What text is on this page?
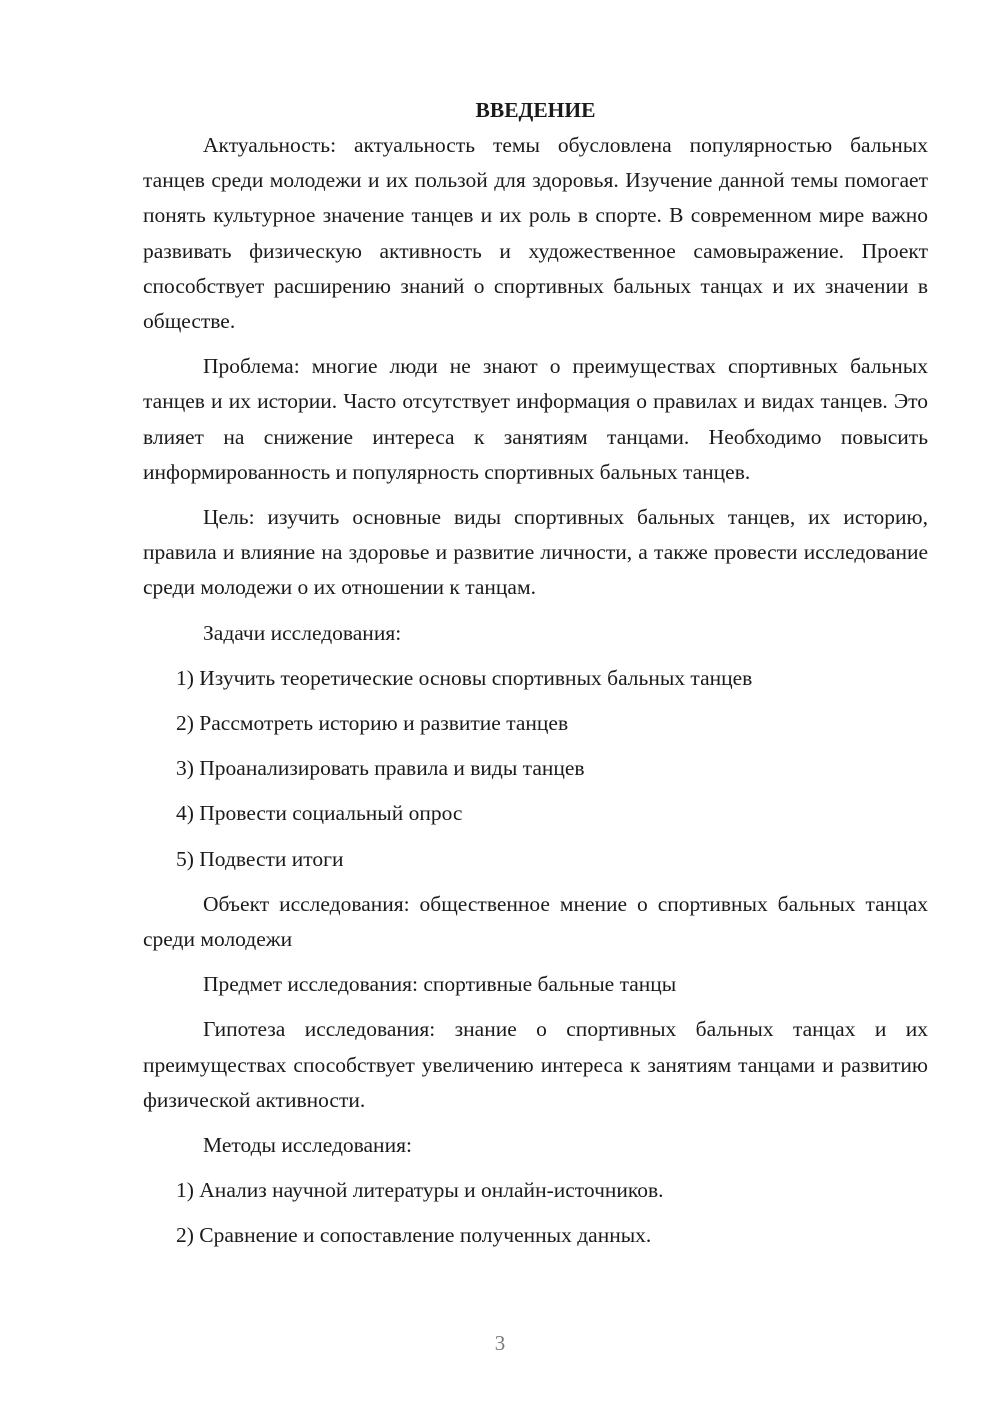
ВВЕДЕНИЕ

Актуальность: актуальность темы обусловлена популярностью бальных танцев среди молодежи и их пользой для здоровья. Изучение данной темы помогает понять культурное значение танцев и их роль в спорте. В современном мире важно развивать физическую активность и художественное самовыражение. Проект способствует расширению знаний о спортивных бальных танцах и их значении в обществе.

Проблема: многие люди не знают о преимуществах спортивных бальных танцев и их истории. Часто отсутствует информация о правилах и видах танцев. Это влияет на снижение интереса к занятиям танцами. Необходимо повысить информированность и популярность спортивных бальных танцев.

Цель: изучить основные виды спортивных бальных танцев, их историю, правила и влияние на здоровье и развитие личности, а также провести исследование среди молодежи о их отношении к танцам.

Задачи исследования:

1) Изучить теоретические основы спортивных бальных танцев

2) Рассмотреть историю и развитие танцев

3) Проанализировать правила и виды танцев

4) Провести социальный опрос

5) Подвести итоги

Объект исследования: общественное мнение о спортивных бальных танцах среди молодежи

Предмет исследования: спортивные бальные танцы

Гипотеза исследования: знание о спортивных бальных танцах и их преимуществах способствует увеличению интереса к занятиям танцами и развитию физической активности.

Методы исследования:

1) Анализ научной литературы и онлайн-источников.

2) Сравнение и сопоставление полученных данных.

3
